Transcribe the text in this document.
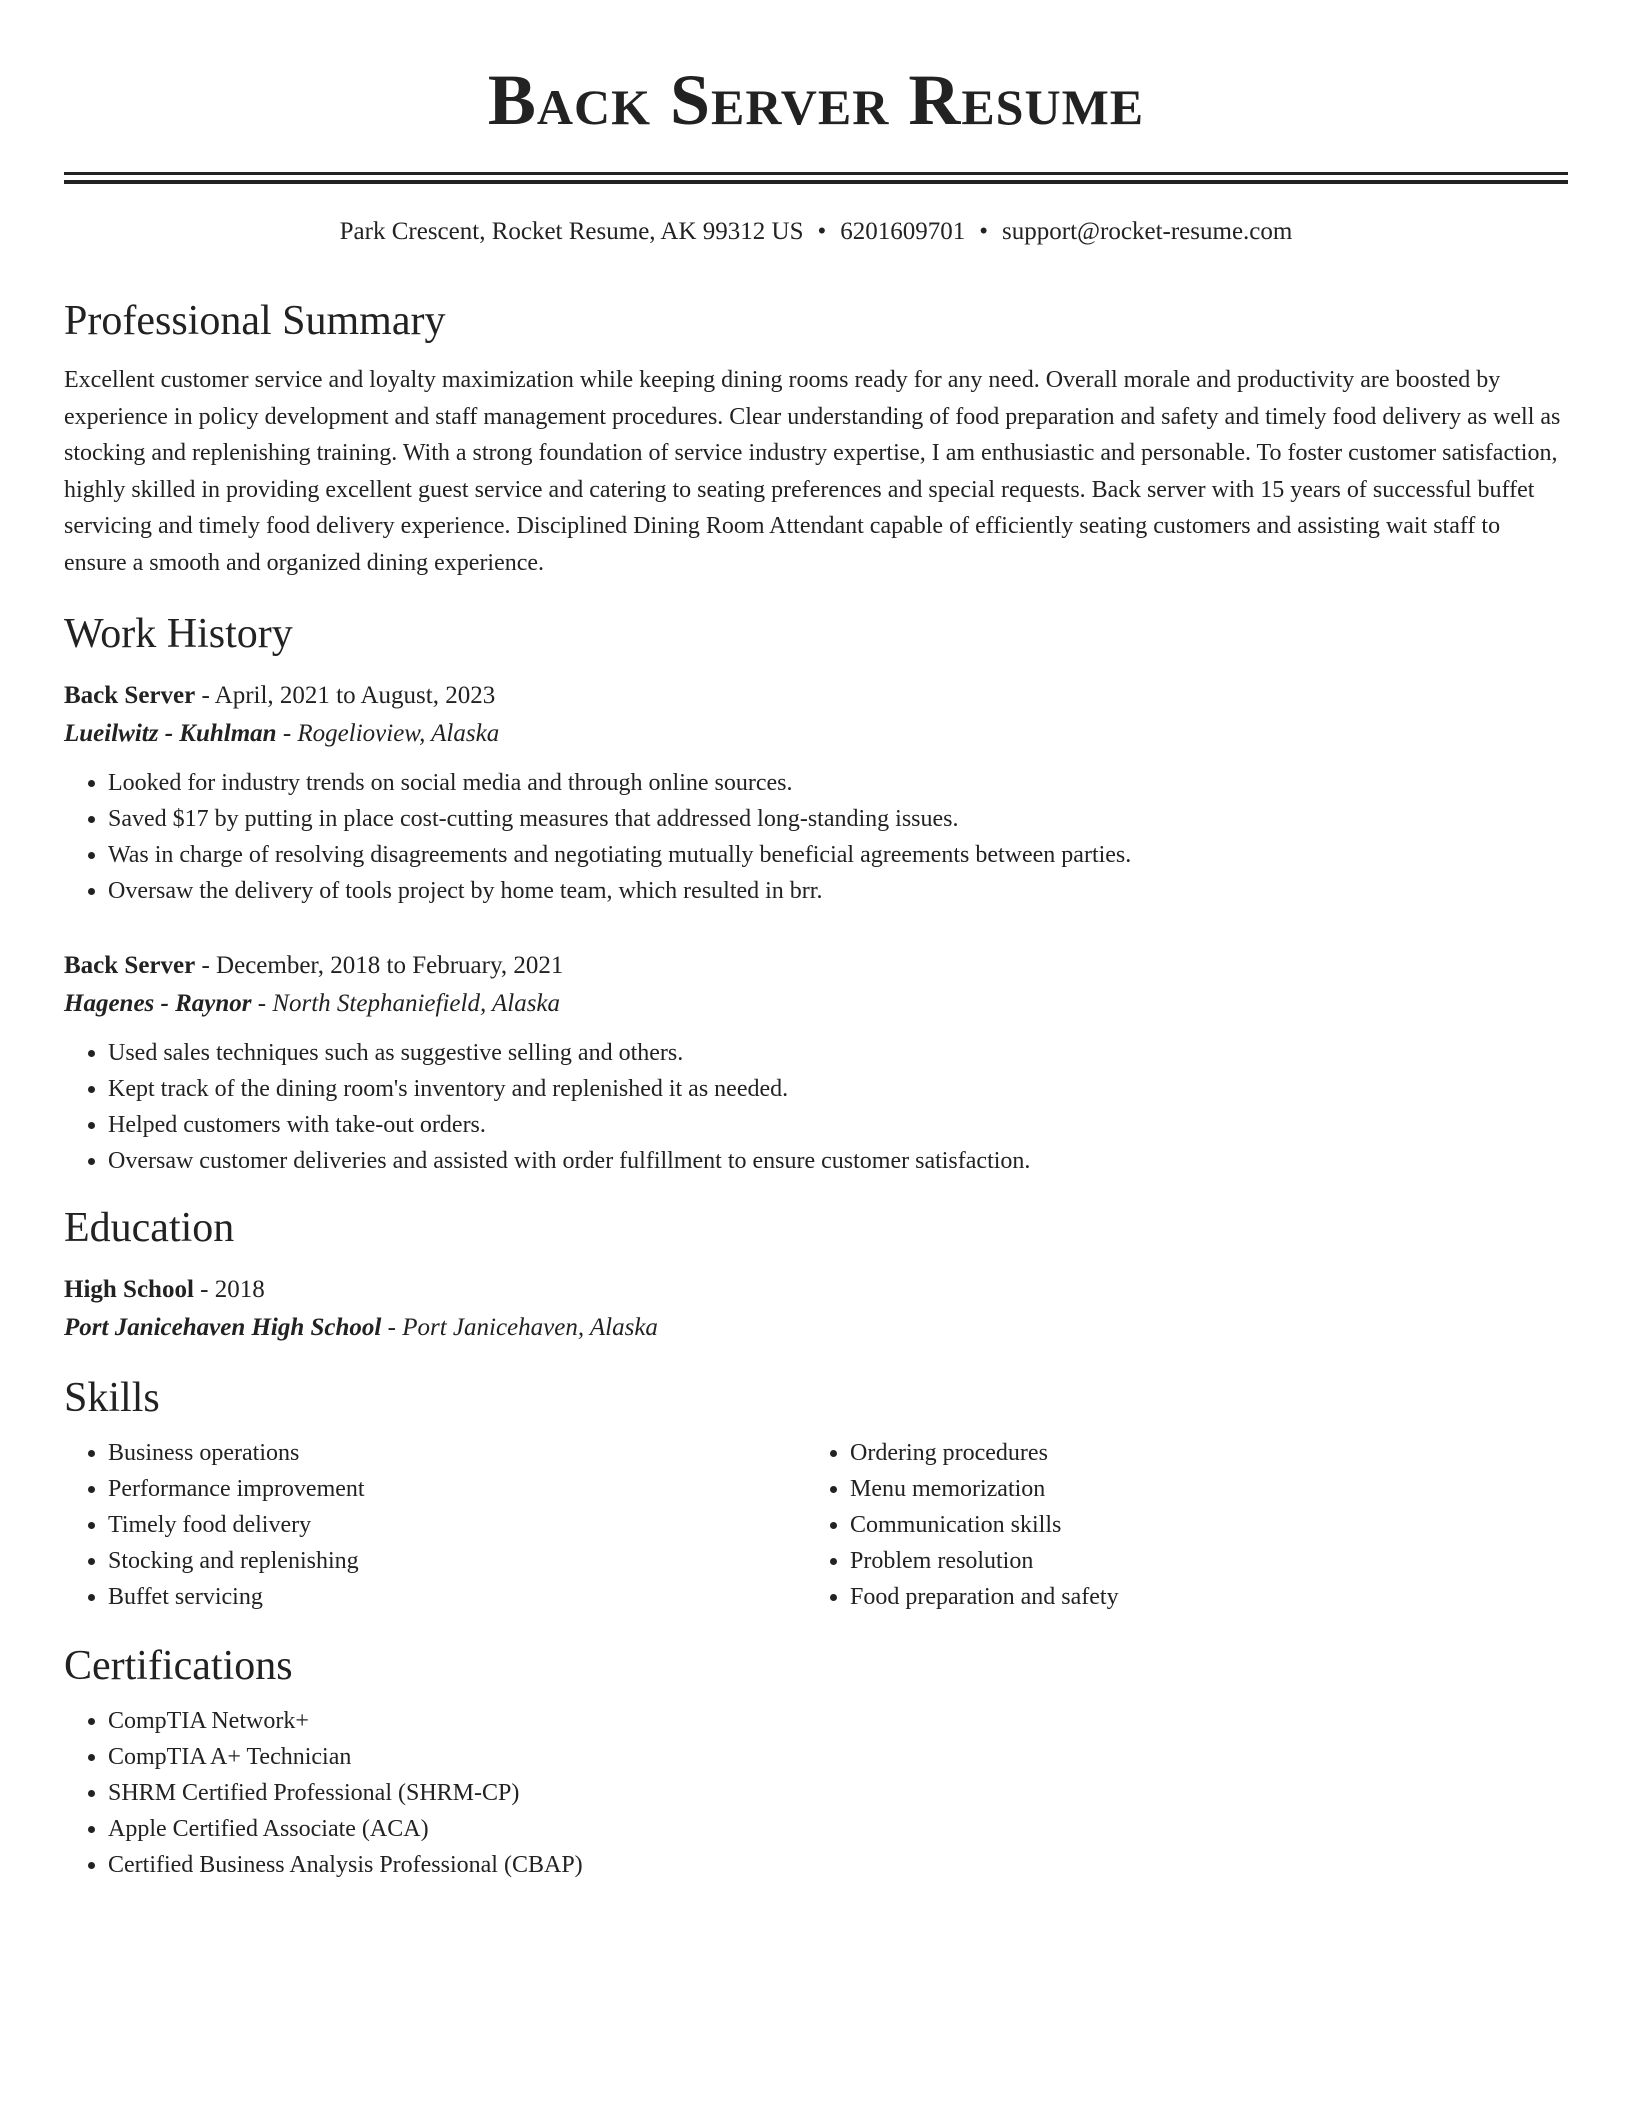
Back Server Resume
Park Crescent, Rocket Resume, AK 99312 US • 6201609701 • support@rocket-resume.com
Professional Summary
Excellent customer service and loyalty maximization while keeping dining rooms ready for any need. Overall morale and productivity are boosted by experience in policy development and staff management procedures. Clear understanding of food preparation and safety and timely food delivery as well as stocking and replenishing training. With a strong foundation of service industry expertise, I am enthusiastic and personable. To foster customer satisfaction, highly skilled in providing excellent guest service and catering to seating preferences and special requests. Back server with 15 years of successful buffet servicing and timely food delivery experience. Disciplined Dining Room Attendant capable of efficiently seating customers and assisting wait staff to ensure a smooth and organized dining experience.
Work History
Back Server - April, 2021 to August, 2023
Lueilwitz - Kuhlman - Rogelioview, Alaska
• Looked for industry trends on social media and through online sources.
• Saved $17 by putting in place cost-cutting measures that addressed long-standing issues.
• Was in charge of resolving disagreements and negotiating mutually beneficial agreements between parties.
• Oversaw the delivery of tools project by home team, which resulted in brr.
Back Server - December, 2018 to February, 2021
Hagenes - Raynor - North Stephaniefield, Alaska
• Used sales techniques such as suggestive selling and others.
• Kept track of the dining room's inventory and replenished it as needed.
• Helped customers with take-out orders.
• Oversaw customer deliveries and assisted with order fulfillment to ensure customer satisfaction.
Education
High School - 2018
Port Janicehaven High School - Port Janicehaven, Alaska
Skills
• Business operations
• Performance improvement
• Timely food delivery
• Stocking and replenishing
• Buffet servicing
• Ordering procedures
• Menu memorization
• Communication skills
• Problem resolution
• Food preparation and safety
Certifications
• CompTIA Network+
• CompTIA A+ Technician
• SHRM Certified Professional (SHRM-CP)
• Apple Certified Associate (ACA)
• Certified Business Analysis Professional (CBAP)
